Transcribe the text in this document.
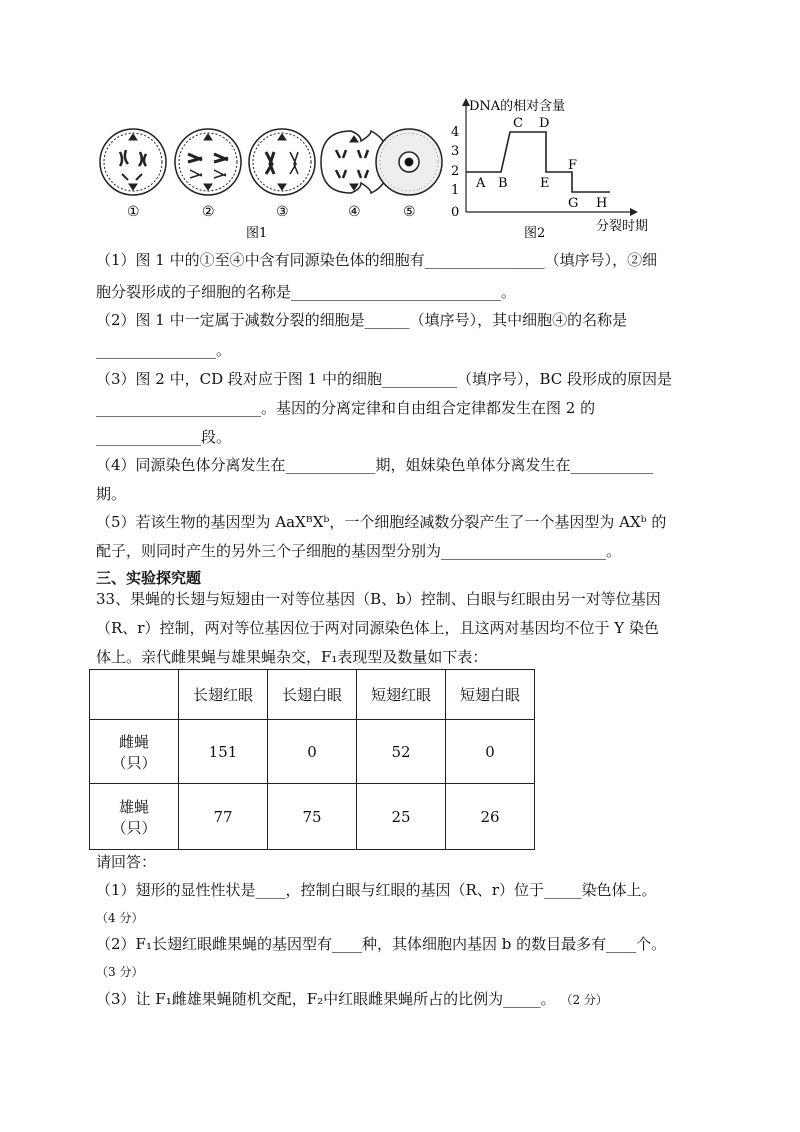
①	②	③	④	⑤
图1
DNA的相对含量
分裂时期
4
3
2
1
0
A B
C D
E
F
G H
图2
（1）图 1 中的①至④中含有同源染色体的细胞有________________（填序号），②细
胞分裂形成的子细胞的名称是____________________________。
（2）图 1 中一定属于减数分裂的细胞是______（填序号），其中细胞④的名称是
________________。
（3）图 2 中，CD 段对应于图 1 中的细胞__________（填序号），BC 段形成的原因是
______________________。基因的分离定律和自由组合定律都发生在图 2 的
______________段。
（4）同源染色体分离发生在____________期，姐妹染色单体分离发生在___________
期。
（5）若该生物的基因型为 AaXᴮXᵇ，一个细胞经减数分裂产生了一个基因型为 AXᵇ 的
配子，则同时产生的另外三个子细胞的基因型分别为______________________。
三、实验探究题
33、果蝇的长翅与短翅由一对等位基因（B、b）控制、白眼与红眼由另一对等位基因
（R、r）控制，两对等位基因位于两对同源染色体上，且这两对基因均不位于 Y 染色
体上。亲代雌果蝇与雄果蝇杂交，F₁表现型及数量如下表：
	长翅红眼	长翅白眼	短翅红眼	短翅白眼

雌蝇
（只）	151	0	52	0

雄蝇
（只）	77	75	25	26
请回答：
（1）翅形的显性性状是____，控制白眼与红眼的基因（R、r）位于_____染色体上。
（4 分）
（2）F₁长翅红眼雌果蝇的基因型有____种，其体细胞内基因 b 的数目最多有____个。
（3 分）
（3）让 F₁雌雄果蝇随机交配，F₂中红眼雌果蝇所占的比例为_____。 （2 分）
